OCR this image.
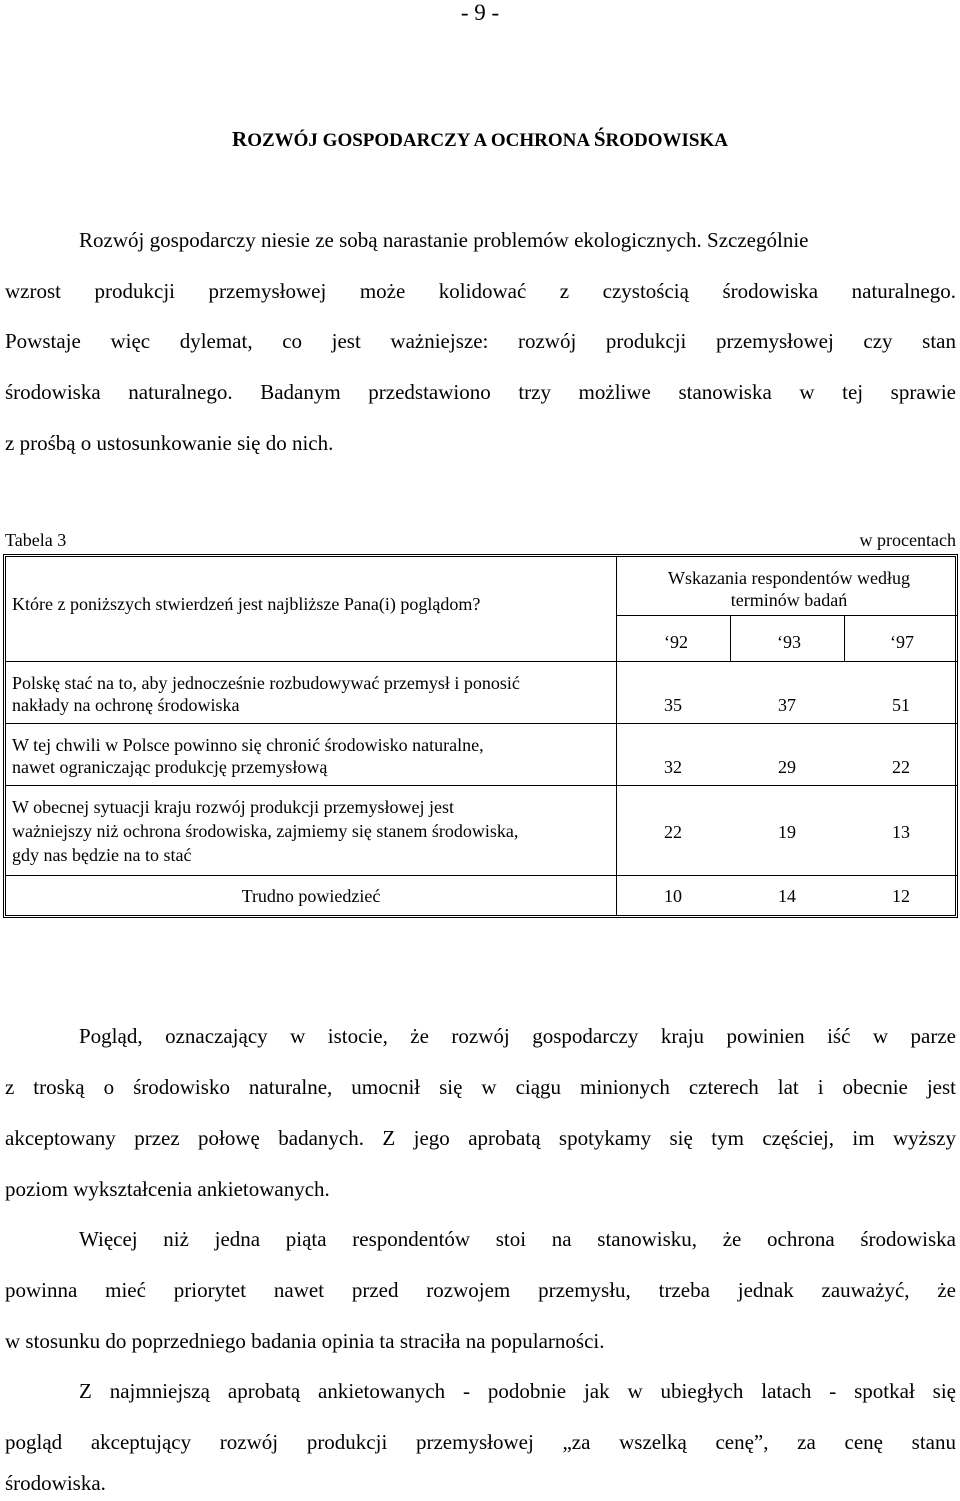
- 9 -
ROZWÓJ GOSPODARCZY A OCHRONA ŚRODOWISKA
Rozwój gospodarczy niesie ze sobą narastanie problemów ekologicznych. Szczególnie
wzrost produkcji przemysłowej może kolidować z czystością środowiska naturalnego.
Powstaje więc dylemat, co jest ważniejsze: rozwój produkcji przemysłowej czy stan
środowiska naturalnego. Badanym przedstawiono trzy możliwe stanowiska w tej sprawie
z prośbą o ustosunkowanie się do nich.
Tabela 3	w procentach
Które z poniższych stwierdzeń jest najbliższe Pana(i) poglądom?
Wskazania respondentów według
terminów badań
‘92	‘93	‘97
Polskę stać na to, aby jednocześnie rozbudowywać przemysł i ponosić
nakłady na ochronę środowiska	35	37	51
W tej chwili w Polsce powinno się chronić środowisko naturalne,
nawet ograniczając produkcję przemysłową	32	29	22
W obecnej sytuacji kraju rozwój produkcji przemysłowej jest
ważniejszy niż ochrona środowiska, zajmiemy się stanem środowiska,
gdy nas będzie na to stać
22	19	13
Trudno powiedzieć	10	14	12
Pogląd, oznaczający w istocie, że rozwój gospodarczy kraju powinien iść w parze
z troską o środowisko naturalne, umocnił się w ciągu minionych czterech lat i obecnie jest
akceptowany przez połowę badanych. Z jego aprobatą spotykamy się tym częściej, im wyższy
poziom wykształcenia ankietowanych.
Więcej niż jedna piąta respondentów stoi na stanowisku, że ochrona środowiska
powinna mieć priorytet nawet przed rozwojem przemysłu, trzeba jednak zauważyć, że
w stosunku do poprzedniego badania opinia ta straciła na popularności.
Z najmniejszą aprobatą ankietowanych - podobnie jak w ubiegłych latach - spotkał się
pogląd akceptujący rozwój produkcji przemysłowej „za wszelką cenę”, za cenę stanu
środowiska.
